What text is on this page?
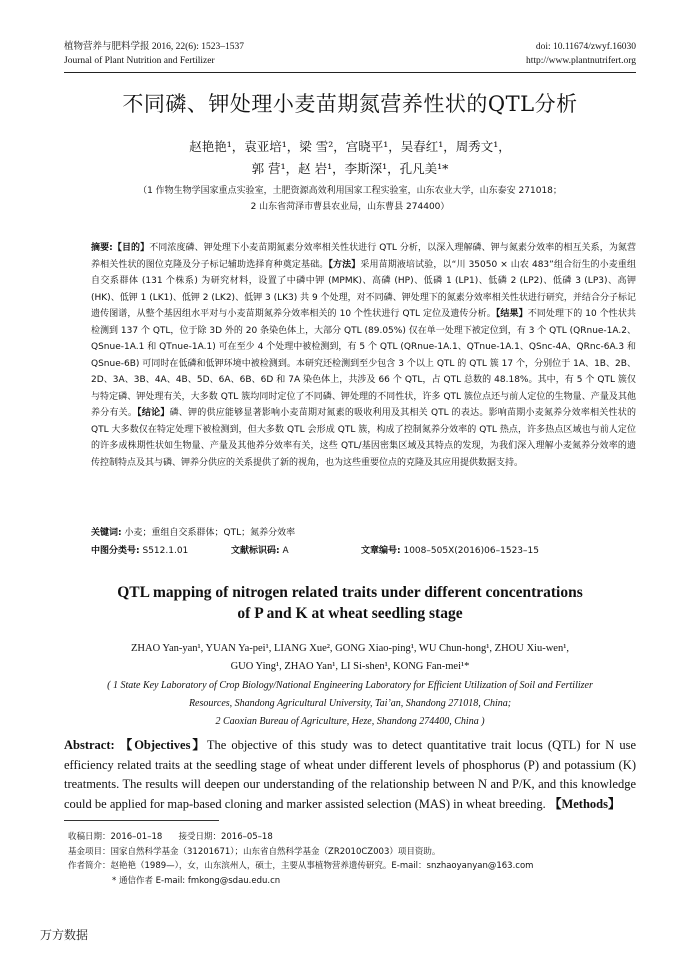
植物营养与肥料学报 2016, 22(6): 1523–1537
Journal of Plant Nutrition and Fertilizer
doi: 10.11674/zwyf.16030
http://www.plantnutrifert.org
不同磷、钾处理小麦苗期氮营养性状的QTL分析
赵艳艳¹，袁亚培¹，梁 雪²，宫晓平¹，吴春红¹，周秀文¹，
郭 营¹，赵 岩¹，李斯深¹，孔凡美¹*
（1 作物生物学国家重点实验室，土肥资源高效利用国家工程实验室，山东农业大学，山东泰安 271018；
2 山东省菏泽市曹县农业局，山东曹县 274400）
摘要:【目的】不同浓度磷、钾处理下小麦苗期氮素分效率相关性状进行 QTL 分析，以深入理解磷、钾与氮素分效率的相互关系，为氮营养相关性状的图位克隆及分子标记辅助选择育种奠定基础。【方法】采用苗期液培试验，以“川 35050 × 山农 483”组合衍生的小麦重组自交系群体 (131 个株系) 为研究材料，设置了中磷中钾 (MPMK)、高磷 (HP)、低磷 1 (LP1)、低磷 2 (LP2)、低磷 3 (LP3)、高钾 (HK)、低钾 1 (LK1)、低钾 2 (LK2)、低钾 3 (LK3) 共 9 个处理，对不同磷、钾处理下的氮素分效率相关性状进行研究，并结合分子标记遗传图谱，从整个基因组水平对与小麦苗期氮养分效率相关的 10 个性状进行 QTL 定位及遗传分析。【结果】不同处理下的 10 个性状共检测到 137 个 QTL，位于除 3D 外的 20 条染色体上，大部分 QTL (89.05%) 仅在单一处理下被定位到，有 3 个 QTL (QRnue-1A.2、QSnue-1A.1 和 QTnue-1A.1) 可在至少 4 个处理中被检测到，有 5 个 QTL (QRnue-1A.1、QTnue-1A.1、QSnc-4A、QRnc-6A.3 和 QSnue-6B) 可同时在低磷和低钾环境中被检测到。本研究还检测到至少包含 3 个以上 QTL 的 QTL 簇 17 个，分别位于 1A、1B、2B、2D、3A、3B、4A、4B、5D、6A、6B、6D 和 7A 染色体上，共涉及 66 个 QTL，占 QTL 总数的 48.18%。其中，有 5 个 QTL 簇仅与特定磷、钾处理有关，大多数 QTL 簇均同时定位了不同磷、钾处理的不同性状，许多 QTL 簇位点还与前人定位的生物量、产量及其他养分有关。【结论】磷、钾的供应能够显著影响小麦苗期对氮素的吸收利用及其相关 QTL 的表达。影响苗期小麦氮养分效率相关性状的 QTL 大多数仅在特定处理下被检测到，但大多数 QTL 会形成 QTL 簇，构成了控制氮养分效率的 QTL 热点，许多热点区域也与前人定位的许多成株期性状如生物量、产量及其他养分效率有关，这些 QTL/基因密集区域及其特点的发现，为我们深入理解小麦氮养分效率的遗传控制特点及其与磷、钾养分供应的关系提供了新的视角，也为这些重要位点的克隆及其应用提供数据支持。
关键词: 小麦；重组自交系群体；QTL；氮养分效率
中图分类号: S512.1.01	文献标识码: A	文章编号: 1008–505X(2016)06–1523–15
QTL mapping of nitrogen related traits under different concentrations
of P and K at wheat seedling stage
ZHAO Yan-yan¹, YUAN Ya-pei¹, LIANG Xue², GONG Xiao-ping¹, WU Chun-hong¹, ZHOU Xiu-wen¹,
GUO Ying¹, ZHAO Yan¹, LI Si-shen¹, KONG Fan-mei¹*
( 1 State Key Laboratory of Crop Biology/National Engineering Laboratory for Efficient Utilization of Soil and Fertilizer
Resources, Shandong Agricultural University, Tai’an, Shandong 271018, China;
2 Caoxian Bureau of Agriculture, Heze, Shandong 274400, China )
Abstract: 【Objectives】The objective of this study was to detect quantitative trait locus (QTL) for N use efficiency related traits at the seedling stage of wheat under different levels of phosphorus (P) and potassium (K) treatments. The results will deepen our understanding of the relationship between N and P/K, and this knowledge could be applied for map-based cloning and marker assisted selection (MAS) in wheat breeding. 【Methods】
收稿日期：2016–01–18 接受日期：2016–05–18
基金项目：国家自然科学基金（31201671）；山东省自然科学基金（ZR2010CZ003）项目资助。
作者简介：赵艳艳（1989—），女，山东滨州人，硕士，主要从事植物营养遗传研究。E-mail：snzhaoyanyan@163.com
* 通信作者 E-mail: fmkong@sdau.edu.cn
万方数据
